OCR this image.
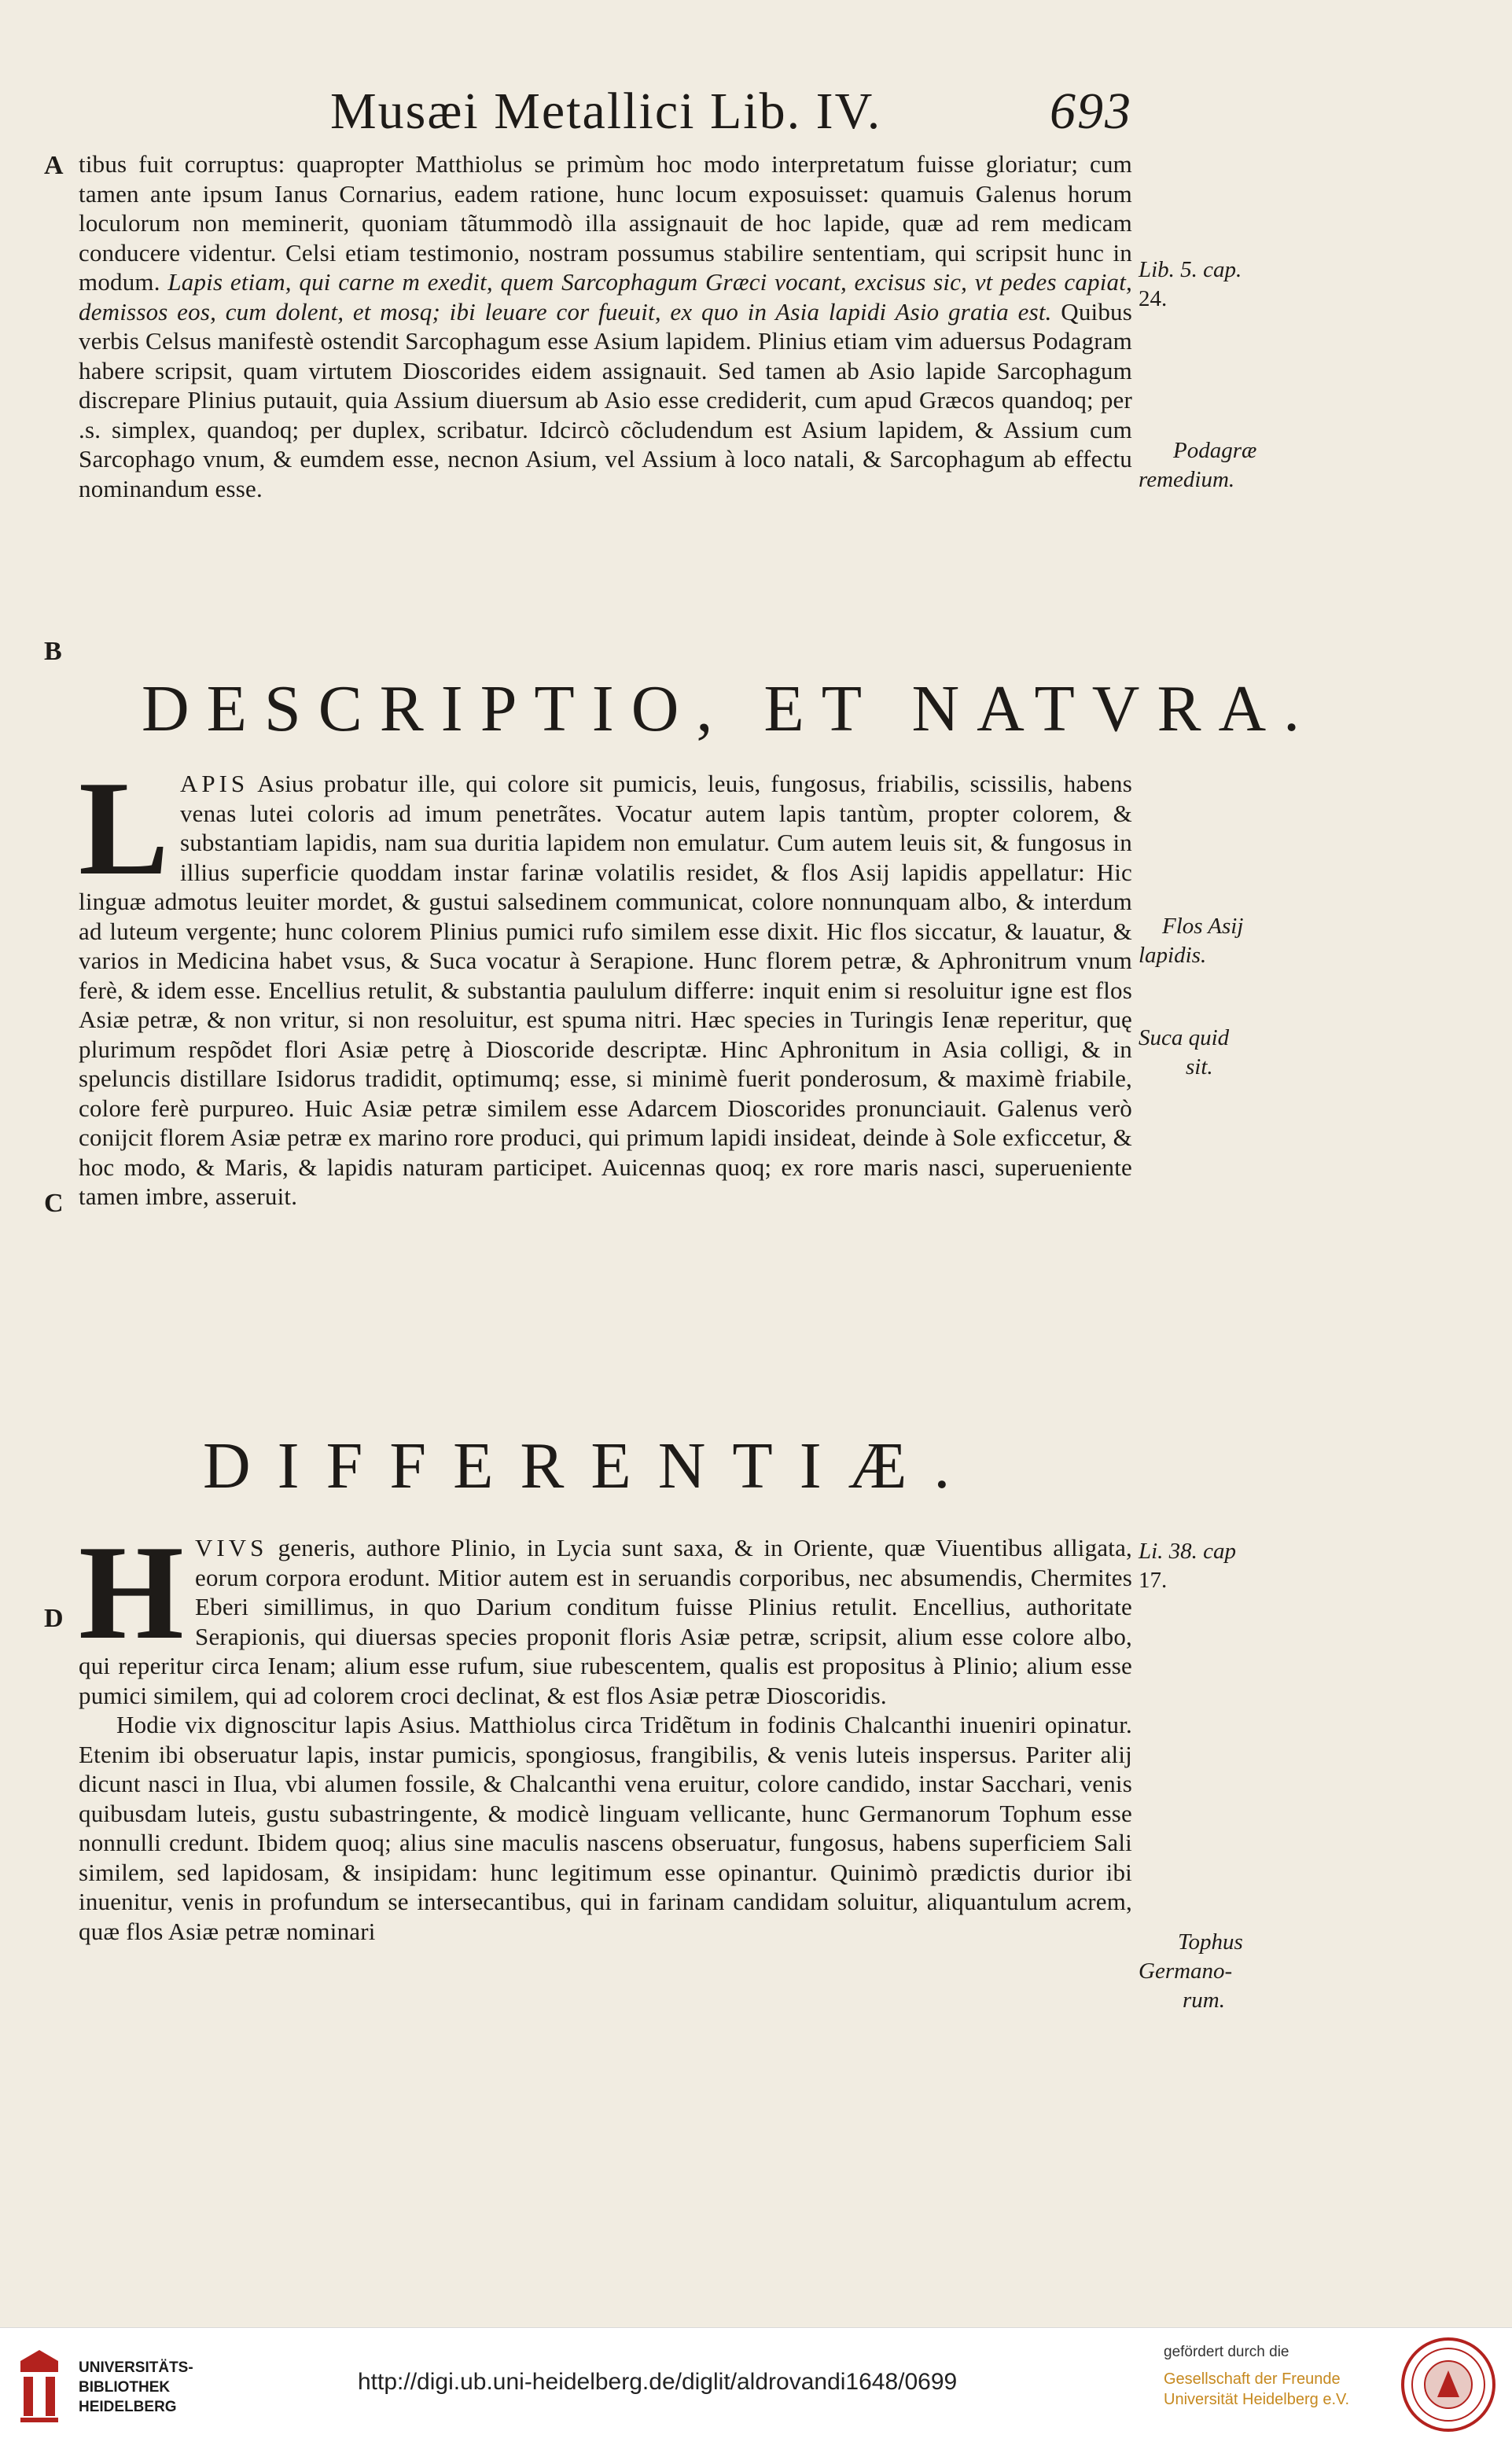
Musæi Metallici Lib. IV.	693
A
B
C
D

tibus fuit corruptus: quapropter Matthiolus se primùm hoc modo interpretatum fuisse gloriatur; cum tamen ante ipsum Ianus Cornarius, eadem ratione, hunc locum exposuisset: quamuis Galenus horum loculorum non meminerit, quoniam tãtummodò illa assignauit de hoc lapide, quæ ad rem medicam conducere videntur. Celsi etiam testimonio, nostram possumus stabilire sententiam, qui scripsit hunc in modum. Lapis etiam, qui carne m exedit, quem Sarcophagum Græci vocant, excisus sic, vt pedes capiat, demissos eos, cum dolent, et mosq; ibi leuare cor fueuit, ex quo in Asia lapidi Asio gratia est. Quibus verbis Celsus manifestè ostendit Sarcophagum esse Asium lapidem. Plinius etiam vim aduersus Podagram habere scripsit, quam virtutem Dioscorides eidem assignauit. Sed tamen ab Asio lapide Sarcophagum discrepare Plinius putauit, quia Assium diuersum ab Asio esse crediderit, cum apud Græcos quandoq; per .s. simplex, quandoq; per duplex, scribatur. Idcircò cõcludendum est Asium lapidem, & Assium cum Sarcophago vnum, & eumdem esse, necnon Asium, vel Assium à loco natali, & Sarcophagum ab effectu nominandum esse.

DESCRIPTIO, ET NATVRA.

L APIS Asius probatur ille, qui colore sit pumicis, leuis, fungosus, friabilis, scissilis, habens venas lutei coloris ad imum penetrãtes. Vocatur autem lapis tantùm, propter colorem, & substantiam lapidis, nam sua duritia lapidem non emulatur. Cum autem leuis sit, & fungosus in illius superficie quoddam instar farinæ volatilis residet, & flos Asij lapidis appellatur: Hic linguæ admotus leuiter mordet, & gustui salsedinem communicat, colore nonnunquam albo, & interdum ad luteum vergente; hunc colorem Plinius pumici rufo similem esse dixit. Hic flos siccatur, & lauatur, & varios in Medicina habet vsus, & Suca vocatur à Serapione. Hunc florem petræ, & Aphronitrum vnum ferè, & idem esse. Encellius retulit, & substantia paululum differre: inquit enim si resoluitur igne est flos Asiæ petræ, & non vritur, si non resoluitur, est spuma nitri. Hæc species in Turingis Ienæ reperitur, quę plurimum respõdet flori Asiæ petrę à Dioscoride descriptæ. Hinc Aphronitum in Asia colligi, & in speluncis distillare Isidorus tradidit, optimumq; esse, si minimè fuerit ponderosum, & maximè friabile, colore ferè purpureo. Huic Asiæ petræ similem esse Adarcem Dioscorides pronunciauit. Galenus verò conijcit florem Asiæ petræ ex marino rore produci, qui primum lapidi insideat, deinde à Sole exficcetur, & hoc modo, & Maris, & lapidis naturam participet. Auicennas quoq; ex rore maris nasci, superueniente tamen imbre, asseruit.

DIFFERENTIÆ.

H VIVS generis, authore Plinio, in Lycia sunt saxa, & in Oriente, quæ Viuentibus alligata, eorum corpora erodunt. Mitior autem est in seruandis corporibus, nec absumendis, Chermites Eberi simillimus, in quo Darium conditum fuisse Plinius retulit. Encellius, authoritate Serapionis, qui diuersas species proponit floris Asiæ petræ, scripsit, alium esse colore albo, qui reperitur circa Ienam; alium esse rufum, siue rubescentem, qualis est propositus à Plinio; alium esse pumici similem, qui ad colorem croci declinat, & est flos Asiæ petræ Dioscoridis.

Hodie vix dignoscitur lapis Asius. Matthiolus circa Tridẽtum in fodinis Chalcanthi inueniri opinatur. Etenim ibi obseruatur lapis, instar pumicis, spongiosus, frangibilis, & venis luteis inspersus. Pariter alij dicunt nasci in Ilua, vbi alumen fossile, & Chalcanthi vena eruitur, colore candido, instar Sacchari, venis quibusdam luteis, gustu subastringente, & modicè linguam vellicante, hunc Germanorum Tophum esse nonnulli credunt. Ibidem quoq; alius sine maculis nascens obseruatur, fungosus, habens superficiem Sali similem, sed lapidosam, & insipidam: hunc legitimum esse opinantur. Quinimò prædictis durior ibi inuenitur, venis in profundum se intersecantibus, qui in farinam candidam soluitur, aliquantulum acrem, quæ flos Asiæ petræ nominari

Lib. 5. cap.
24.
Podagræ
remedium.
Flos Asij
lapidis.
Suca quid
sit.
Li. 38. cap
17.
Tophus
Germano-
rum.
UNIVERSITÄTS-
BIBLIOTHEK
HEIDELBERG
http://digi.ub.uni-heidelberg.de/diglit/aldrovandi1648/0699
gefördert durch die
Gesellschaft der Freunde
Universität Heidelberg e.V.
